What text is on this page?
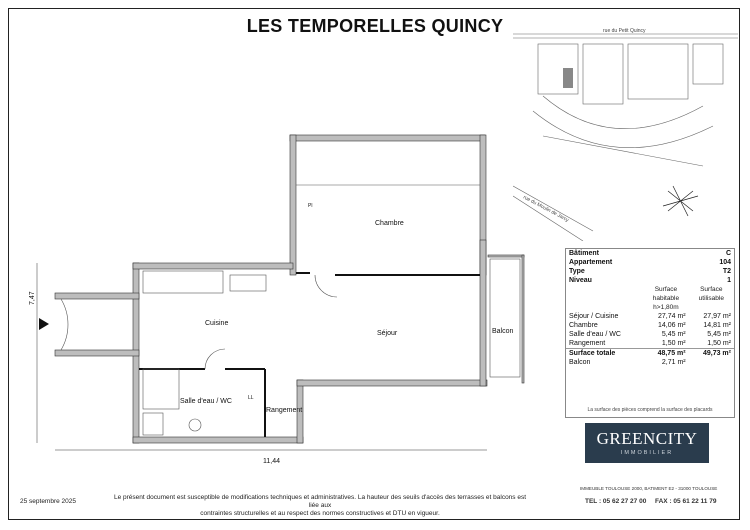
LES TEMPORELLES QUINCY
Chambre
Séjour
Cuisine
Balcon
Salle d'eau / WC
Rangement
Pl
LL
11,44
7,47
rue du Petit Quincy
rue du Moulin de Jarcy
Bâtiment		C
Appartement		104
Type		T2
Niveau		1
	Surface	Surface
	habitable	utilisable
	h>1,80m	
Séjour / Cuisine	27,74 m²	27,97 m²
Chambre	14,06 m²	14,81 m²
Salle d'eau / WC	5,45 m²	5,45 m²
Rangement	1,50 m²	1,50 m²
Surface totale	48,75 m²	49,73 m²
Balcon	2,71 m²	
La surface des pièces comprend la surface des placards
GREENCITY
IMMOBILIER
IMMEUBLE TOULOUSE 2000, BATIMENT E2 - 31000 TOULOUSE
TEL : 05 62 27 27 00 FAX : 05 61 22 11 79
25 septembre 2025
Le présent document est susceptible de modifications techniques et administratives. La hauteur des seuils d'accès des terrasses et balcons est liée aux
contraintes structurelles et au respect des normes constructives et DTU en vigueur.
